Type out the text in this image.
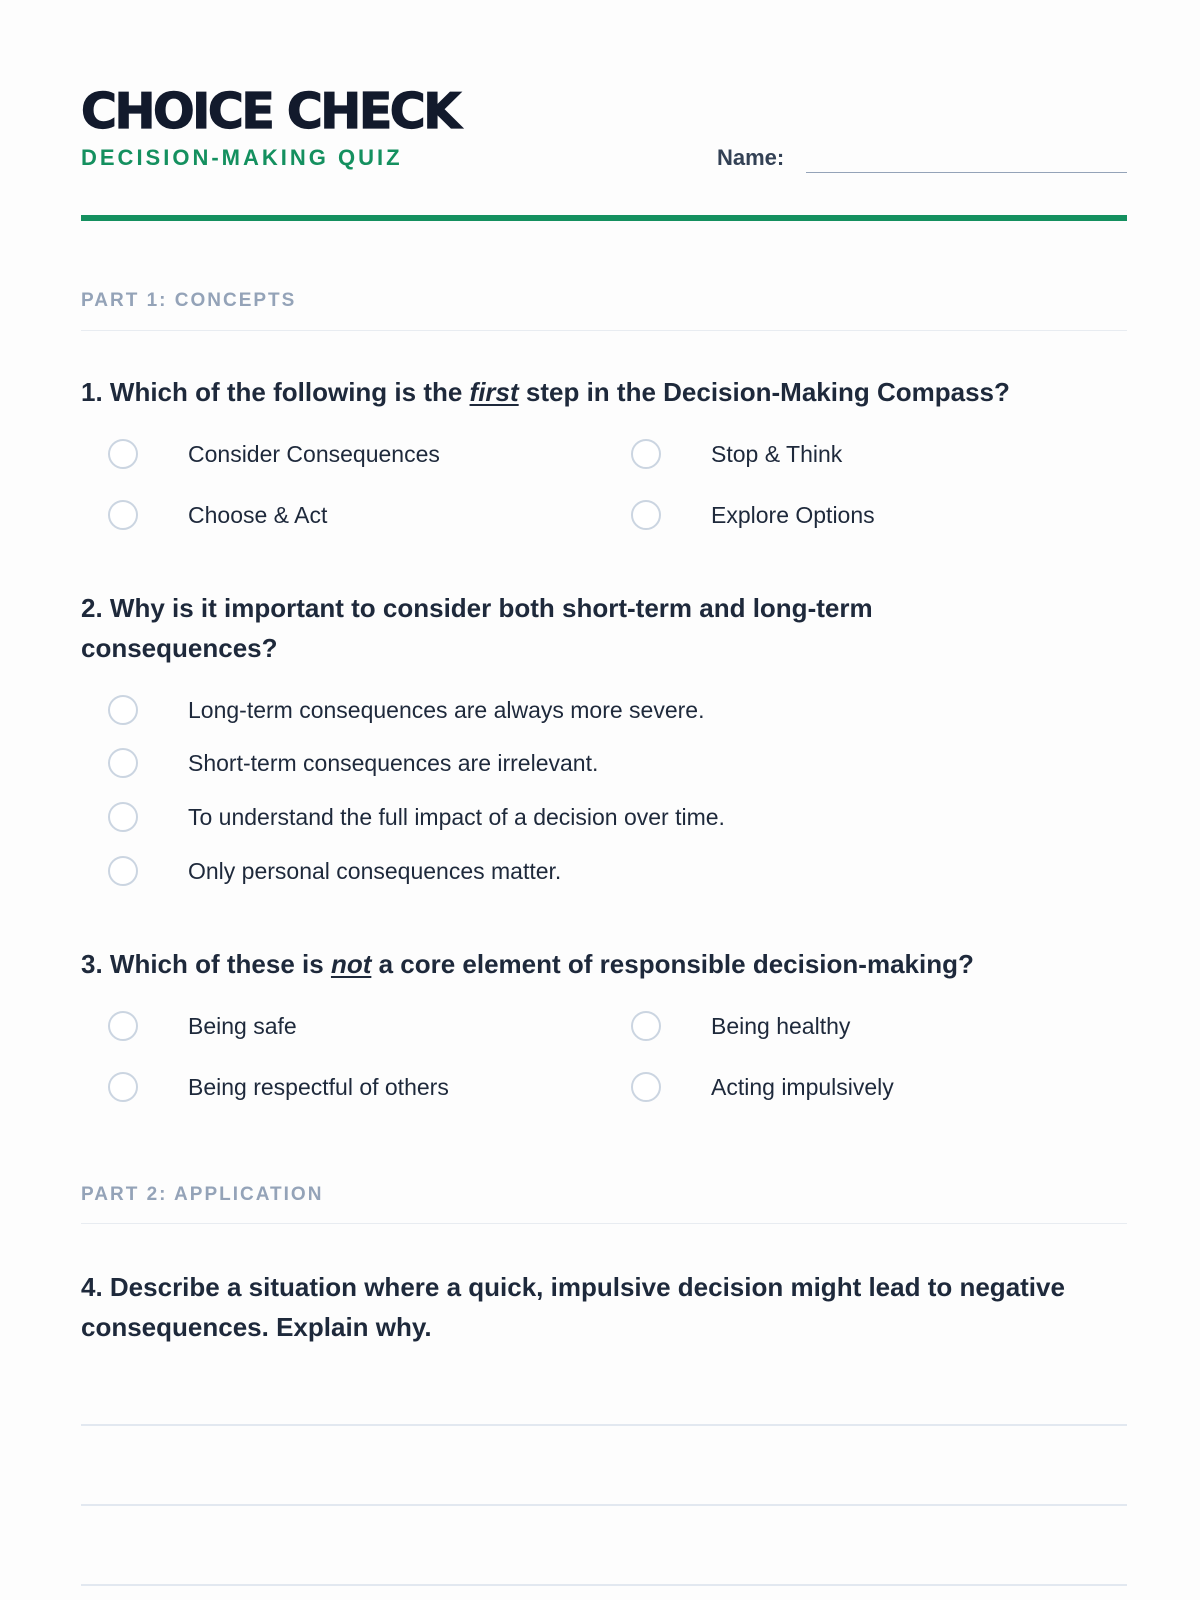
CHOICE CHECK
DECISION-MAKING QUIZ	Name:
PART 1: CONCEPTS
1. Which of the following is the first step in the Decision-Making Compass?
Consider Consequences	Stop & Think
Choose & Act	Explore Options
2. Why is it important to consider both short-term and long-term consequences?
Long-term consequences are always more severe.
Short-term consequences are irrelevant.
To understand the full impact of a decision over time.
Only personal consequences matter.
3. Which of these is not a core element of responsible decision-making?
Being safe	Being healthy
Being respectful of others	Acting impulsively
PART 2: APPLICATION
4. Describe a situation where a quick, impulsive decision might lead to negative consequences. Explain why.
